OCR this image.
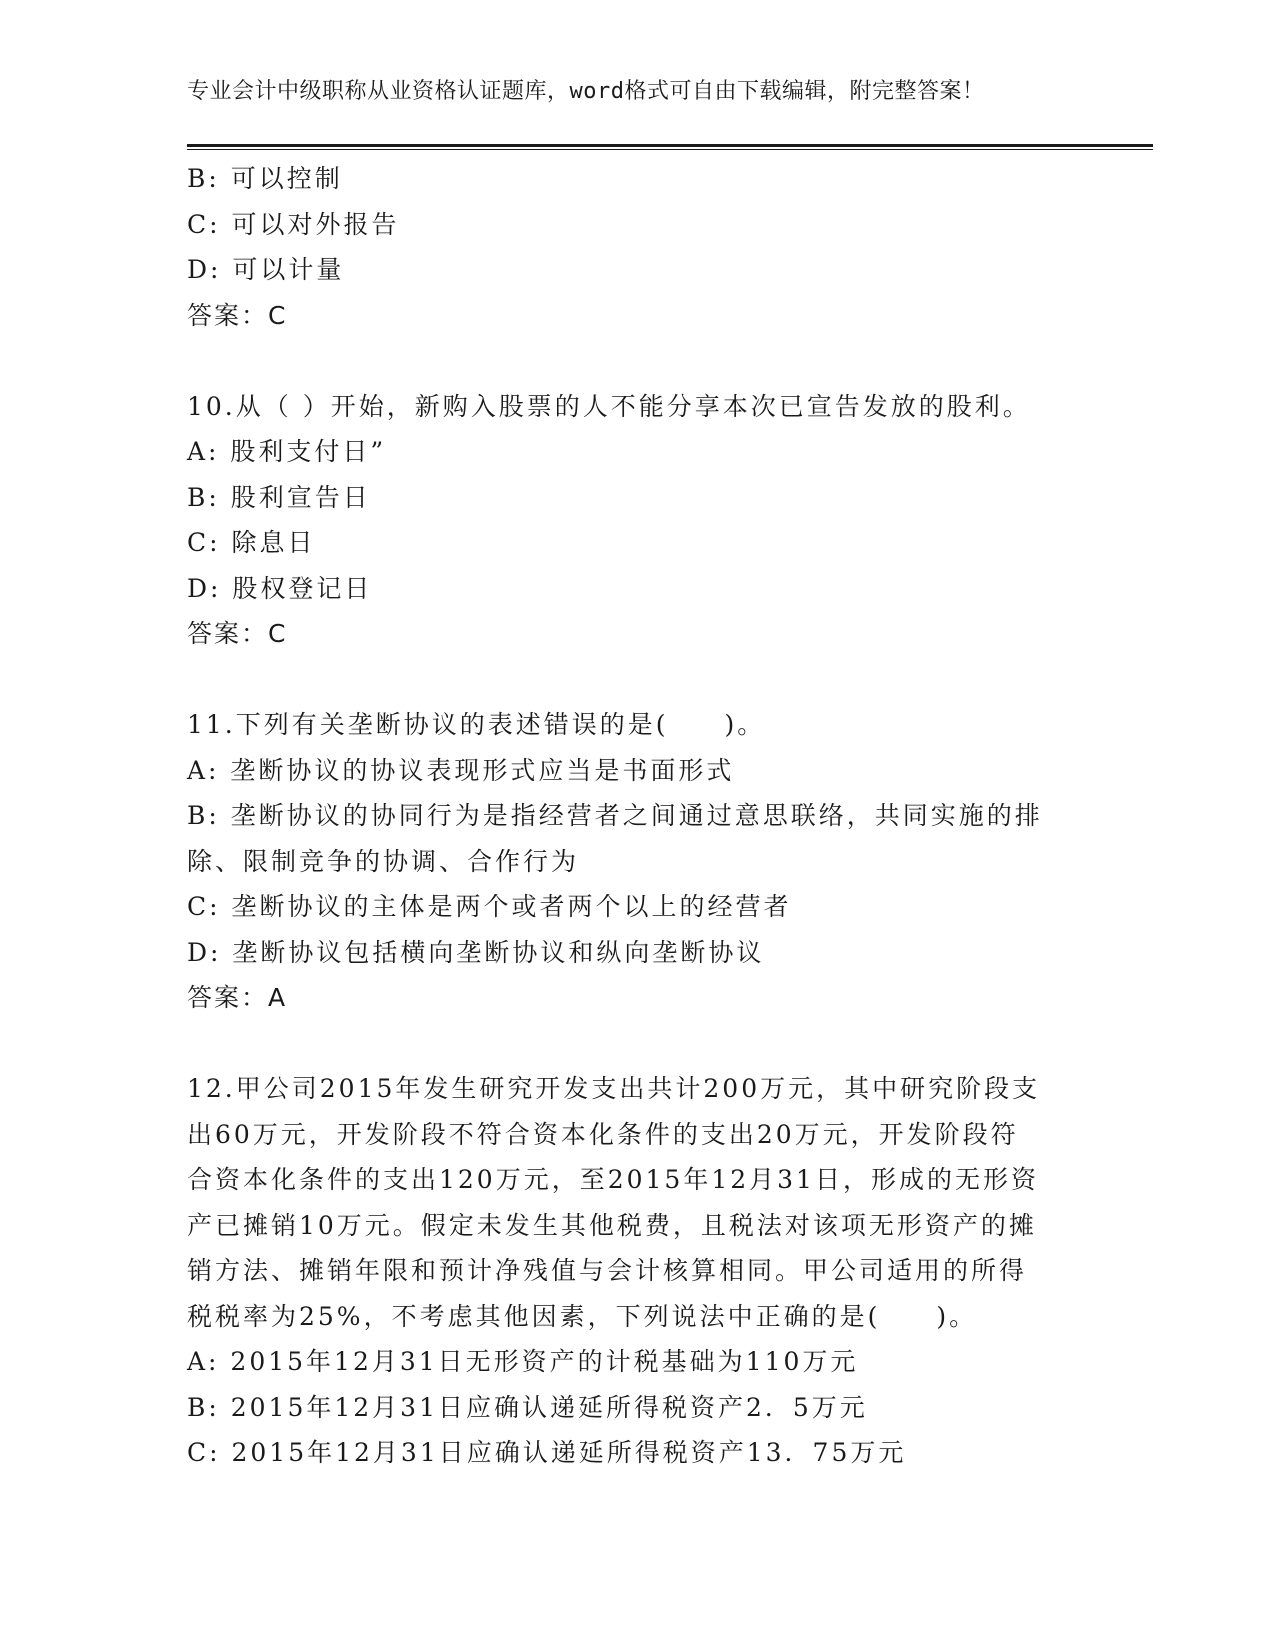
专业会计中级职称从业资格认证题库，word格式可自由下载编辑，附完整答案！
B: 可以控制
C: 可以对外报告
D: 可以计量
答案：C
10.从（ ）开始，新购入股票的人不能分享本次已宣告发放的股利。
A: 股利支付日”
B: 股利宣告日
C: 除息日
D: 股权登记日
答案：C
11.下列有关垄断协议的表述错误的是(　　)。
A: 垄断协议的协议表现形式应当是书面形式
B: 垄断协议的协同行为是指经营者之间通过意思联络，共同实施的排
除、限制竞争的协调、合作行为
C: 垄断协议的主体是两个或者两个以上的经营者
D: 垄断协议包括横向垄断协议和纵向垄断协议
答案：A
12.甲公司2015年发生研究开发支出共计200万元，其中研究阶段支
出60万元，开发阶段不符合资本化条件的支出20万元，开发阶段符
合资本化条件的支出120万元，至2015年12月31日，形成的无形资
产已摊销10万元。假定未发生其他税费，且税法对该项无形资产的摊
销方法、摊销年限和预计净残值与会计核算相同。甲公司适用的所得
税税率为25%，不考虑其他因素，下列说法中正确的是(　　)。
A: 2015年12月31日无形资产的计税基础为110万元
B: 2015年12月31日应确认递延所得税资产2．5万元
C: 2015年12月31日应确认递延所得税资产13．75万元
